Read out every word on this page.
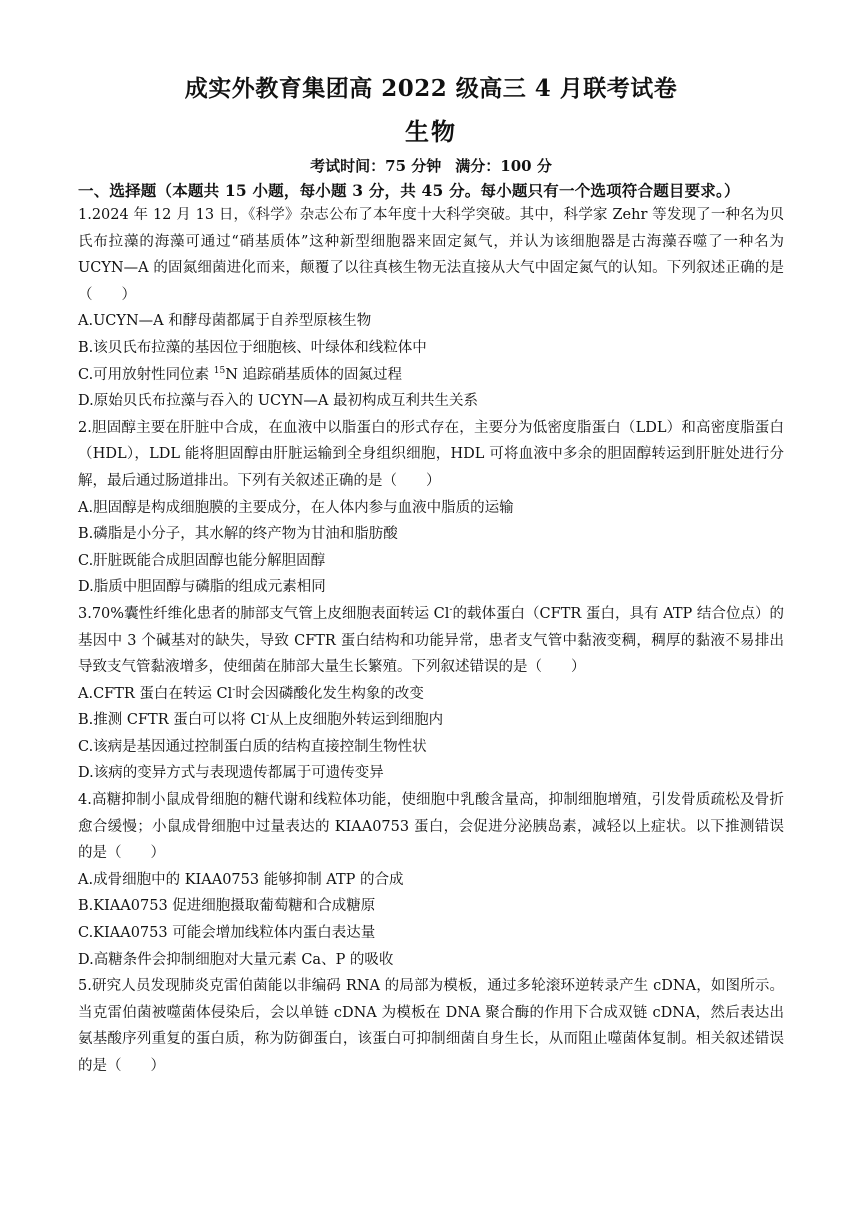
成实外教育集团高 2022 级高三 4 月联考试卷
生物

考试时间：75 分钟 满分：100 分

一、选择题（本题共 15 小题，每小题 3 分，共 45 分。每小题只有一个选项符合题目要求。）

1.2024 年 12 月 13 日，《科学》杂志公布了本年度十大科学突破。其中，科学家 Zehr 等发现了一种名为贝氏布拉藻的海藻可通过“硝基质体”这种新型细胞器来固定氮气，并认为该细胞器是古海藻吞噬了一种名为 UCYN—A 的固氮细菌进化而来，颠覆了以往真核生物无法直接从大气中固定氮气的认知。下列叙述正确的是（　　）

A.UCYN—A 和酵母菌都属于自养型原核生物

B.该贝氏布拉藻的基因位于细胞核、叶绿体和线粒体中

C.可用放射性同位素 $^{15}$N 追踪硝基质体的固氮过程

D.原始贝氏布拉藻与吞入的 UCYN—A 最初构成互利共生关系

2.胆固醇主要在肝脏中合成，在血液中以脂蛋白的形式存在，主要分为低密度脂蛋白（LDL）和高密度脂蛋白（HDL），LDL 能将胆固醇由肝脏运输到全身组织细胞，HDL 可将血液中多余的胆固醇转运到肝脏处进行分解，最后通过肠道排出。下列有关叙述正确的是（　　）

A.胆固醇是构成细胞膜的主要成分，在人体内参与血液中脂质的运输

B.磷脂是小分子，其水解的终产物为甘油和脂肪酸

C.肝脏既能合成胆固醇也能分解胆固醇

D.脂质中胆固醇与磷脂的组成元素相同

3.70%囊性纤维化患者的肺部支气管上皮细胞表面转运 Cl-的载体蛋白（CFTR 蛋白，具有 ATP 结合位点）的基因中 3 个碱基对的缺失，导致 CFTR 蛋白结构和功能异常，患者支气管中黏液变稠，稠厚的黏液不易排出导致支气管黏液增多，使细菌在肺部大量生长繁殖。下列叙述错误的是（　　）

A.CFTR 蛋白在转运 Cl-时会因磷酸化发生构象的改变

B.推测 CFTR 蛋白可以将 Cl-从上皮细胞外转运到细胞内

C.该病是基因通过控制蛋白质的结构直接控制生物性状

D.该病的变异方式与表现遗传都属于可遗传变异

4.高糖抑制小鼠成骨细胞的糖代谢和线粒体功能，使细胞中乳酸含量高，抑制细胞增殖，引发骨质疏松及骨折愈合缓慢；小鼠成骨细胞中过量表达的 KIAA0753 蛋白，会促进分泌胰岛素，减轻以上症状。以下推测错误的是（　　）

A.成骨细胞中的 KIAA0753 能够抑制 ATP 的合成

B.KIAA0753 促进细胞摄取葡萄糖和合成糖原

C.KIAA0753 可能会增加线粒体内蛋白表达量

D.高糖条件会抑制细胞对大量元素 Ca、P 的吸收

5.研究人员发现肺炎克雷伯菌能以非编码 RNA 的局部为模板，通过多轮滚环逆转录产生 cDNA，如图所示。当克雷伯菌被噬菌体侵染后，会以单链 cDNA 为模板在 DNA 聚合酶的作用下合成双链 cDNA，然后表达出氨基酸序列重复的蛋白质，称为防御蛋白，该蛋白可抑制细菌自身生长，从而阻止噬菌体复制。相关叙述错误的是（　　）
